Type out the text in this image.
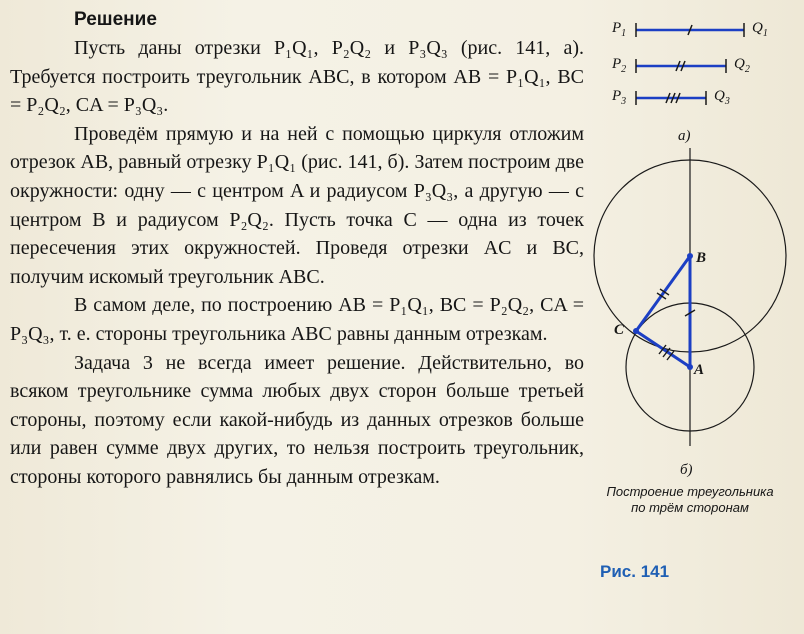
Решение

Пусть даны отрезки P₁Q₁, P₂Q₂ и P₃Q₃ (рис. 141, а). Требуется построить треугольник ABC, в котором AB = P₁Q₁, BC = P₂Q₂, CA = P₃Q₃.

Проведём прямую и на ней с помощью циркуля отложим отрезок AB, равный отрезку P₁Q₁ (рис. 141, б). Затем построим две окружности: одну — с центром A и радиусом P₃Q₃, а другую — с центром B и радиусом P₂Q₂. Пусть точка C — одна из точек пересечения этих окружностей. Проведя отрезки AC и BC, получим искомый треугольник ABC.

В самом деле, по построению AB = P₁Q₁, BC = P₂Q₂, CA = P₃Q₃, т. е. стороны треугольника ABC равны данным отрезкам.

Задача 3 не всегда имеет решение. Действительно, во всяком треугольнике сумма любых двух сторон больше третьей стороны, поэтому если какой-нибудь из данных отрезков больше или равен сумме двух других, то нельзя построить треугольник, стороны которого равнялись бы данным отрезкам.

$P_1$	$Q_1$
$P_2$	$Q_2$
$P_3$	$Q_3$
а)
B
A
C
б)
Построение треугольника по трём сторонам
Рис. 141
